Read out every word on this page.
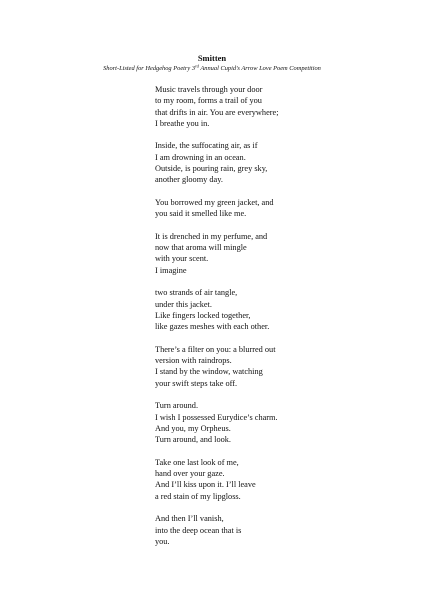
Smitten
Short-Listed for Hedgehog Poetry 3rd Annual Cupid's Arrow Love Poem Competition
Music travels through your door
to my room, forms a trail of you
that drifts in air. You are everywhere;
I breathe you in.
Inside, the suffocating air, as if
I am drowning in an ocean.
Outside, is pouring rain, grey sky,
another gloomy day.
You borrowed my green jacket, and
you said it smelled like me.
It is drenched in my perfume, and
now that aroma will mingle
with your scent.
I imagine
two strands of air tangle,
under this jacket.
Like fingers locked together,
like gazes meshes with each other.
There’s a filter on you: a blurred out
version with raindrops.
I stand by the window, watching
your swift steps take off.
Turn around.
I wish I possessed Eurydice’s charm.
And you, my Orpheus.
Turn around, and look.
Take one last look of me,
hand over your gaze.
And I’ll kiss upon it. I’ll leave
a red stain of my lipgloss.
And then I’ll vanish,
into the deep ocean that is
you.
